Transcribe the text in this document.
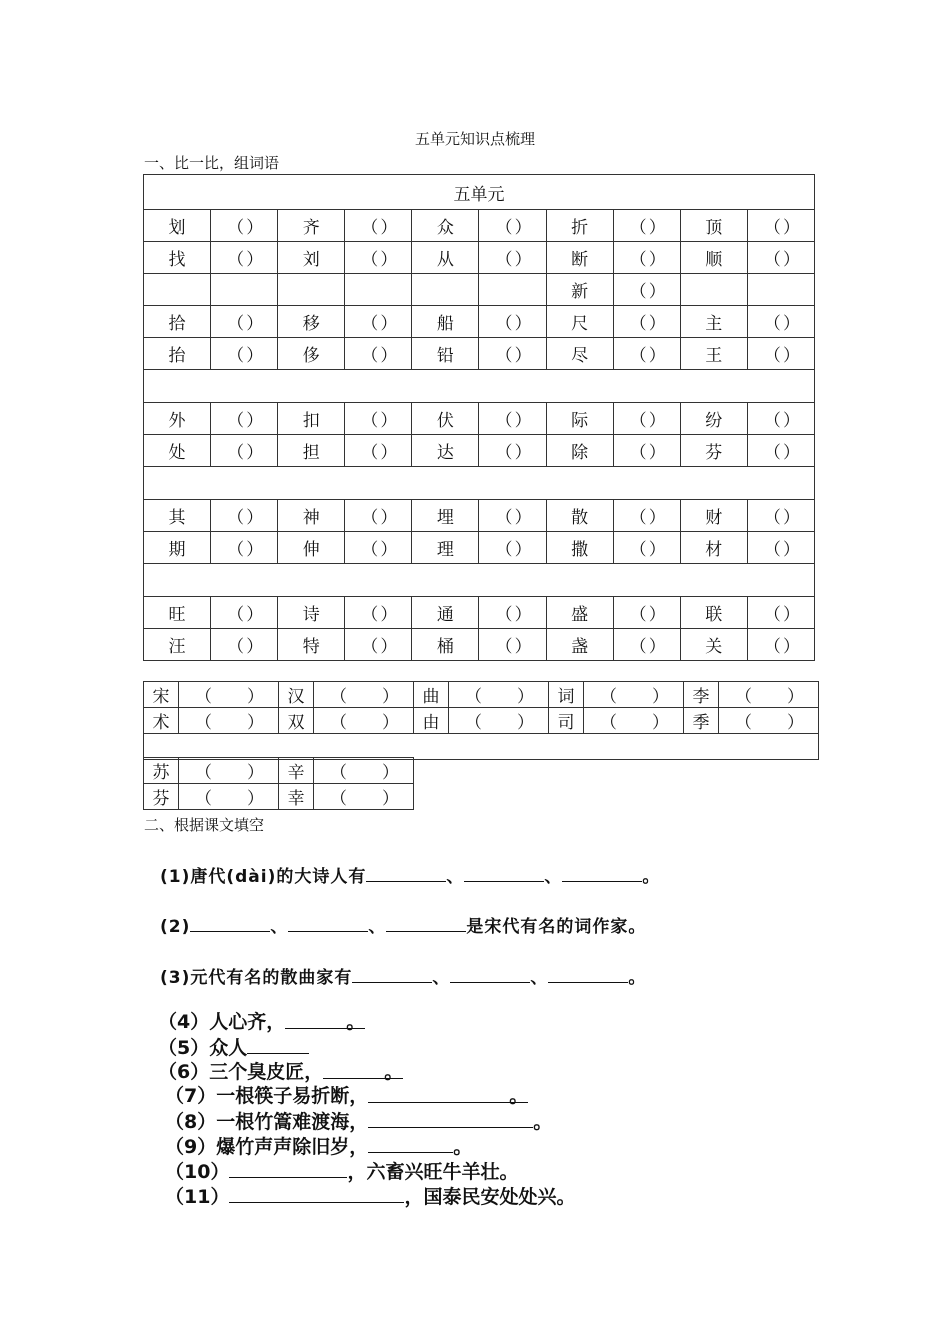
五单元知识点梳理
一、比一比，组词语
五单元									
划	（ ）	齐	（ ）	众	（ ）	折	（ ）	顶	（ ）

找	（ ）	刘	（ ）	从	（ ）	断	（ ）	顺	（ ）

						新	（ ）		

拾	（ ）	移	（ ）	船	（ ）	尺	（ ）	主	（ ）

抬	（ ）	侈	（ ）	铅	（ ）	尽	（ ）	王	（ ）

外	（ ）	扣	（ ）	伏	（ ）	际	（ ）	纷	（ ）

处	（ ）	担	（ ）	达	（ ）	除	（ ）	芬	（ ）

其	（ ）	神	（ ）	埋	（ ）	散	（ ）	财	（ ）

期	（ ）	伸	（ ）	理	（ ）	撒	（ ）	材	（ ）

旺	（ ）	诗	（ ）	通	（ ）	盛	（ ）	联	（ ）

汪	（ ）	特	（ ）	桶	（ ）	盏	（ ）	关	（ ）
宋	（ ）	汉	（ ）	曲	（ ）	词	（ ）	李	（ ）

术	（ ）	双	（ ）	由	（ ）	司	（ ）	季	（ ）

苏	（ ）	辛	（ ）

芬	（ ）	幸	（ ）
二、根据课文填空
(1)唐代(dài)的大诗人有	、	、	。
(2)	、	、	是宋代有名的词作家。
(3)元代有名的散曲家有	、	、	。
（4）人心齐，	。
（5）众人
（6）三个臭皮匠，	。
（7）一根筷子易折断，	。
（8）一根竹篙难渡海，	。
（9）爆竹声声除旧岁，	。
（10）	，六畜兴旺牛羊壮。
（11）	，国泰民安处处兴。
